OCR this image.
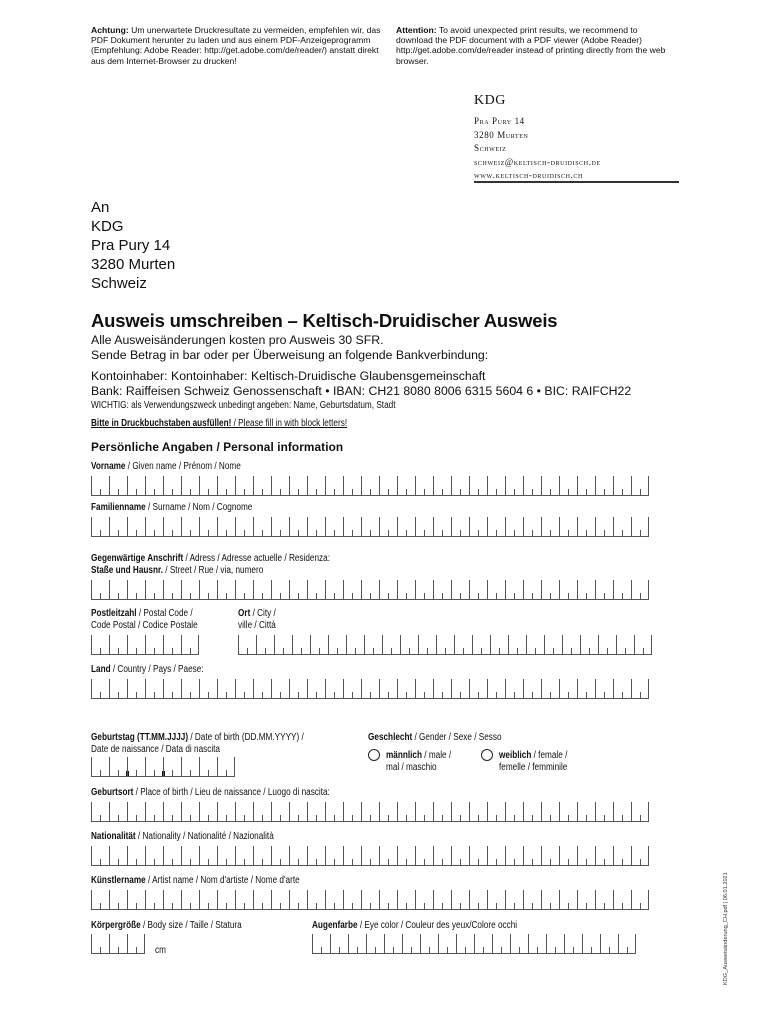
Achtung: Um unerwartete Druckresultate zu vermeiden, empfehlen wir, das PDF Dokument herunter zu laden und aus einem PDF-Anzeigeprogramm (Empfehlung: Adobe Reader: http://get.adobe.com/de/reader/) anstatt direkt aus dem Internet-Browser zu drucken!
Attention: To avoid unexpected print results, we recommend to download the PDF document with a PDF viewer (Adobe Reader) http://get.adobe.com/de/reader instead of printing directly from the web browser.
KDG
Pra Pury 14
3280 Murten
Schweiz
schweiz@keltisch-druidisch.de
www.keltisch-druidisch.ch
An
KDG
Pra Pury 14
3280 Murten
Schweiz
Ausweis umschreiben – Keltisch-Druidischer Ausweis
Alle Ausweisänderungen kosten pro Ausweis 30 SFR.
Sende Betrag in bar oder per Überweisung an folgende Bankverbindung:
Kontoinhaber: Kontoinhaber: Keltisch-Druidische Glaubensgemeinschaft
Bank: Raiffeisen Schweiz Genossenschaft • IBAN: CH21 8080 8006 6315 5604 6 • BIC: RAIFCH22
WICHTIG: als Verwendungszweck unbedingt angeben: Name, Geburtsdatum, Stadt
Bitte in Druckbuchstaben ausfüllen! / Please fill in with block letters!
Persönliche Angaben / Personal information
Vorname / Given name / Prénom / Nome
Familienname / Surname / Nom / Cognome
Gegenwärtige Anschrift / Adress / Adresse actuelle / Residenza:
Staße und Hausnr. / Street / Rue / via, numero
Postleitzahl / Postal Code /
Code Postal / Codice Postale
Ort / City /
ville / Città
Land / Country / Pays / Paese:
Geburtstag (TT.MM.JJJJ) / Date of birth (DD.MM.YYYY) /
Date de naissance / Data di nascita
Geschlecht / Gender / Sexe / Sesso
männlich / male /
mal / maschio
weiblich / female /
femelle / femminile
Geburtsort / Place of birth / Lieu de naissance / Luogo di nascita:
Nationalität / Nationality / Nationalité / Nazionalità
Künstlername / Artist name / Nom d'artiste / Nome d'arte
Körpergröße / Body size / Taille / Statura	Augenfarbe / Eye color / Couleur des yeux/Colore occhi
cm	KDG_Ausweisänderung_CH.pdf | 06.01.2021
